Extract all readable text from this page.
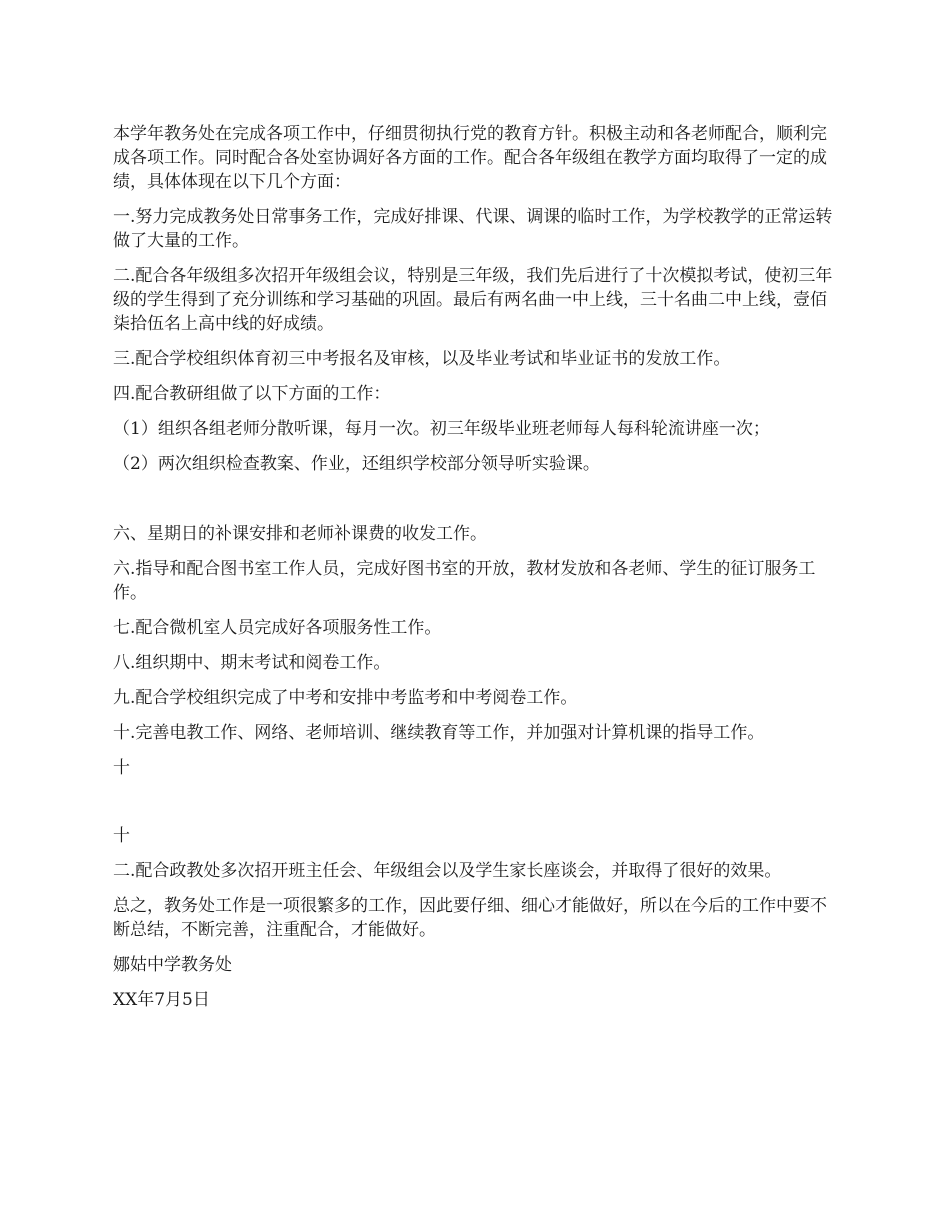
本学年教务处在完成各项工作中，仔细贯彻执行党的教育方针。积极主动和各老师配合，顺利完成各项工作。同时配合各处室协调好各方面的工作。配合各年级组在教学方面均取得了一定的成绩，具体体现在以下几个方面：

一.努力完成教务处日常事务工作，完成好排课、代课、调课的临时工作，为学校教学的正常运转做了大量的工作。

二.配合各年级组多次招开年级组会议，特别是三年级，我们先后进行了十次模拟考试，使初三年级的学生得到了充分训练和学习基础的巩固。最后有两名曲一中上线，三十名曲二中上线，壹佰柒拾伍名上高中线的好成绩。

三.配合学校组织体育初三中考报名及审核，以及毕业考试和毕业证书的发放工作。

四.配合教研组做了以下方面的工作：

（1）组织各组老师分散听课，每月一次。初三年级毕业班老师每人每科轮流讲座一次；

（2）两次组织检查教案、作业，还组织学校部分领导听实验课。

六、星期日的补课安排和老师补课费的收发工作。

六.指导和配合图书室工作人员，完成好图书室的开放，教材发放和各老师、学生的征订服务工作。

七.配合微机室人员完成好各项服务性工作。

八.组织期中、期末考试和阅卷工作。

九.配合学校组织完成了中考和安排中考监考和中考阅卷工作。

十.完善电教工作、网络、老师培训、继续教育等工作，并加强对计算机课的指导工作。

十

十

二.配合政教处多次招开班主任会、年级组会以及学生家长座谈会，并取得了很好的效果。

总之，教务处工作是一项很繁多的工作，因此要仔细、细心才能做好，所以在今后的工作中要不断总结，不断完善，注重配合，才能做好。

娜姑中学教务处

XX年7月5日
